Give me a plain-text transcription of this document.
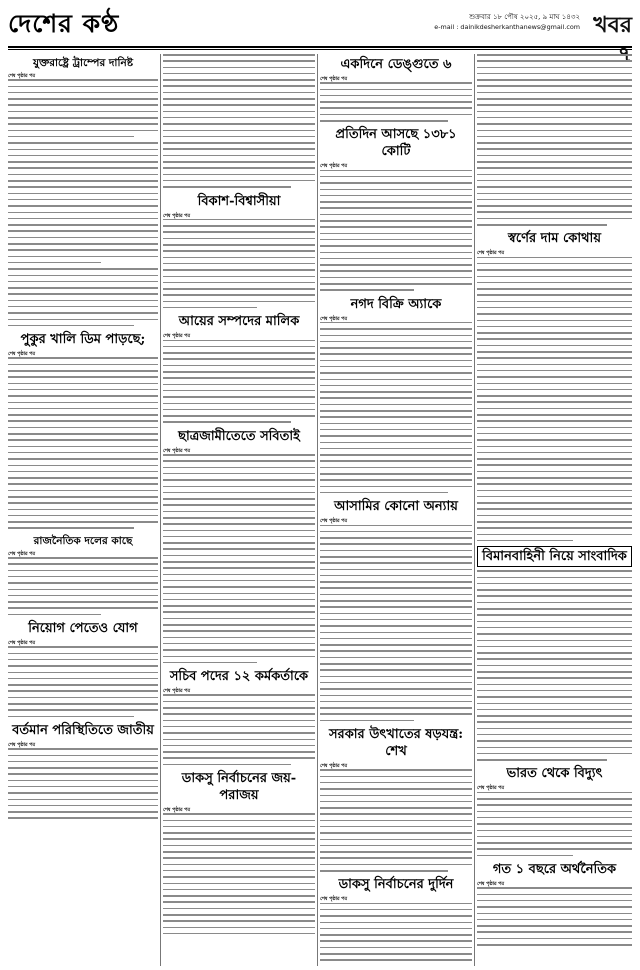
দেশের কণ্ঠ	শুক্রবার ১৮ পৌষ ২০২৫, ৯ মাঘ ১৪৩২
e-mail : dainikdesherkanthanews@gmail.com খবর
যুক্তরাষ্ট্রে ট্রাম্পের দানিষ্ট
শেষ পৃষ্ঠার পর
পুকুর খালি ডিম পাড়ছে;
শেষ পৃষ্ঠার পর
রাজনৈতিক দলের কাছে
শেষ পৃষ্ঠার পর
নিয়োগ পেতেও যোগ
শেষ পৃষ্ঠার পর
বর্তমান পরিস্থিতিতে জাতীয়
শেষ পৃষ্ঠার পর
বিকাশ-বিশ্বাসীয়া
শেষ পৃষ্ঠার পর
আয়ের সম্পদের মালিক
শেষ পৃষ্ঠার পর
ছাত্রজামীতেতে সবিতাই
শেষ পৃষ্ঠার পর
সচিব পদের ১২ কর্মকর্তাকে
শেষ পৃষ্ঠার পর
ডাকসু নির্বাচনের জয়-পরাজয়
শেষ পৃষ্ঠার পর
একদিনে ডেঙ্গুতে ৬
শেষ পৃষ্ঠার পর
প্রতিদিন আসছে ১৩৮১ কোটি
শেষ পৃষ্ঠার পর
নগদ বিক্রি অ্যাকে
শেষ পৃষ্ঠার পর
আসামির কোনো অন্যায়
শেষ পৃষ্ঠার পর
সরকার উৎখাতের ষড়যন্ত্র: শেখ
শেষ পৃষ্ঠার পর
ডাকসু নির্বাচনের দুর্দিন
শেষ পৃষ্ঠার পর
স্বর্ণের দাম কোথায়
শেষ পৃষ্ঠার পর
বিমানবাহিনী নিয়ে সাংবাদিক
ভারত থেকে বিদ্যুৎ
শেষ পৃষ্ঠার পর
গত ১ বছরে অর্থনৈতিক
শেষ পৃষ্ঠার পর
